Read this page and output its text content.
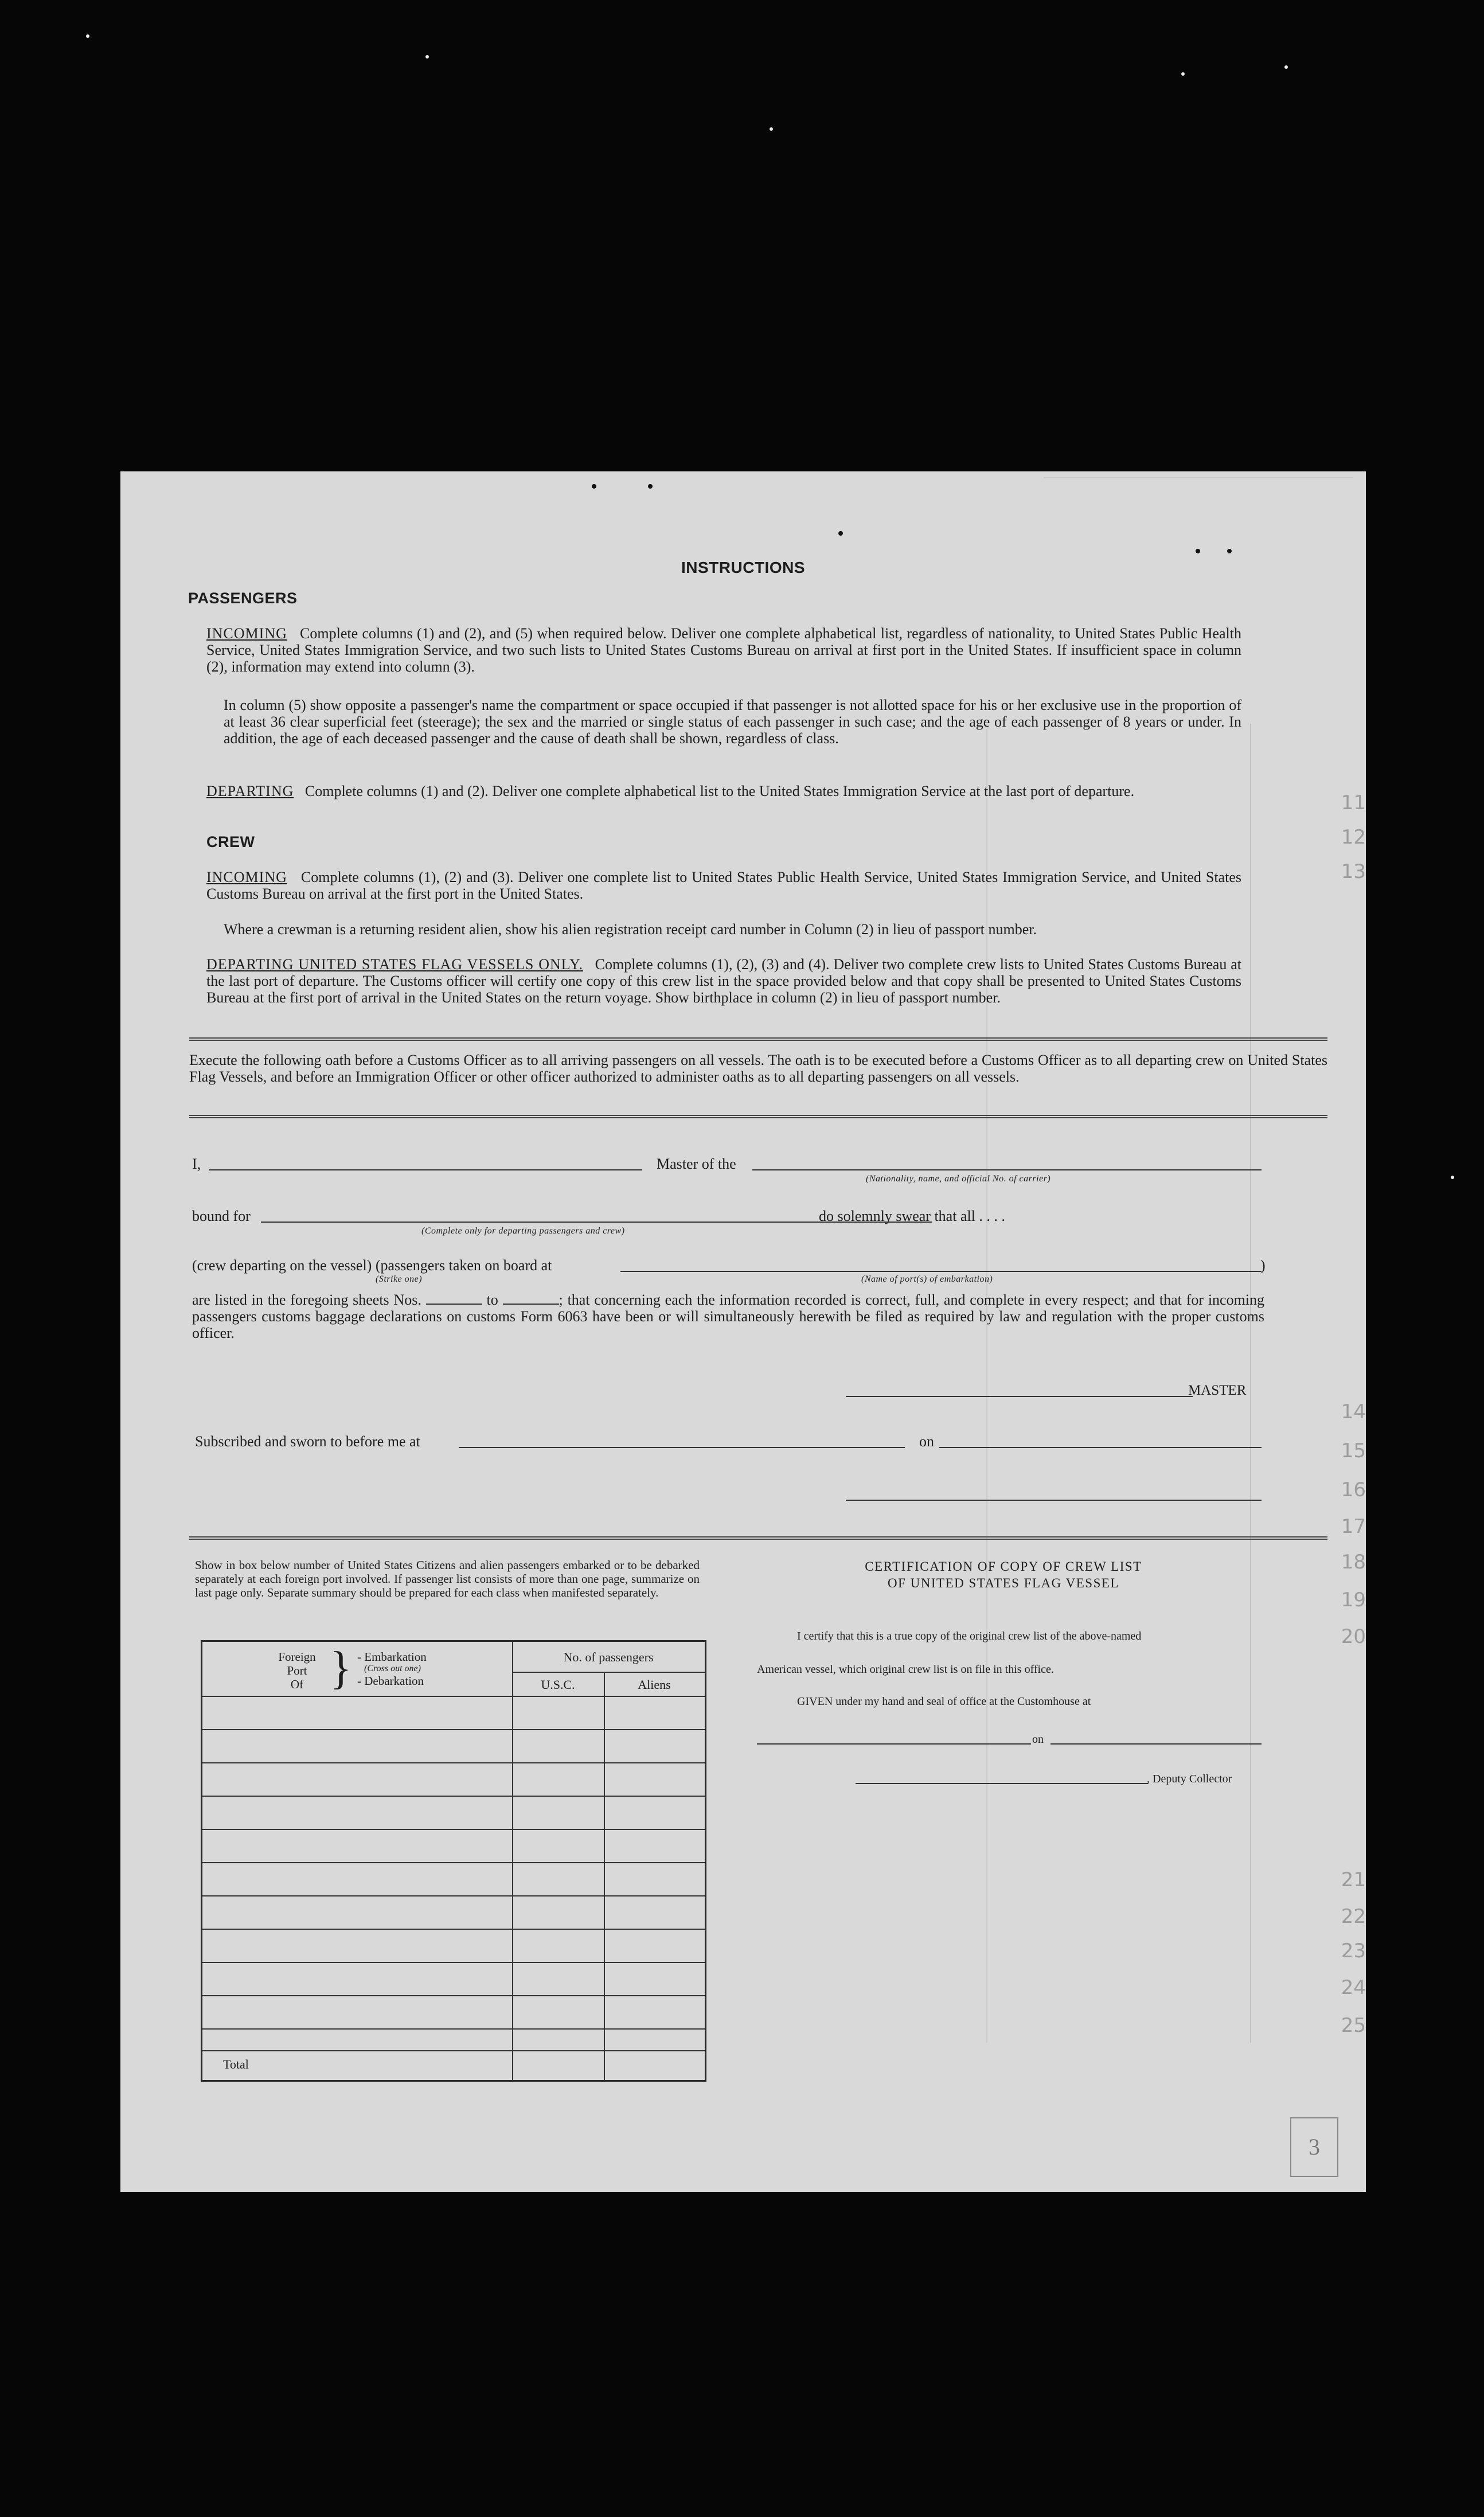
11
12
13
14
15
16
17
18
19
20
21
22
23
24
25
3
INSTRUCTIONS
PASSENGERS
INCOMING Complete columns (1) and (2), and (5) when required below. Deliver one complete alphabetical list, regardless of nationality, to United States Public Health Service, United States Immigration Service, and two such lists to United States Customs Bureau on arrival at first port in the United States. If insufficient space in column (2), information may extend into column (3).
In column (5) show opposite a passenger's name the compartment or space occupied if that passenger is not allotted space for his or her exclusive use in the proportion of at least 36 clear superficial feet (steerage); the sex and the married or single status of each passenger in such case; and the age of each passenger of 8 years or under. In addition, the age of each deceased passenger and the cause of death shall be shown, regardless of class.
DEPARTING Complete columns (1) and (2). Deliver one complete alphabetical list to the United States Immigration Service at the last port of departure.
CREW
INCOMING Complete columns (1), (2) and (3). Deliver one complete list to United States Public Health Service, United States Immigration Service, and United States Customs Bureau on arrival at the first port in the United States.
Where a crewman is a returning resident alien, show his alien registration receipt card number in Column (2) in lieu of passport number.
DEPARTING UNITED STATES FLAG VESSELS ONLY. Complete columns (1), (2), (3) and (4). Deliver two complete crew lists to United States Customs Bureau at the last port of departure. The Customs officer will certify one copy of this crew list in the space provided below and that copy shall be presented to United States Customs Bureau at the first port of arrival in the United States on the return voyage. Show birthplace in column (2) in lieu of passport number.
Execute the following oath before a Customs Officer as to all arriving passengers on all vessels. The oath is to be executed before a Customs Officer as to all departing crew on United States Flag Vessels, and before an Immigration Officer or other officer authorized to administer oaths as to all departing passengers on all vessels.
I,	Master of the
(Nationality, name, and official No. of carrier)
bound for
(Complete only for departing passengers and crew)
do solemnly swear that all . . . .
(crew departing on the vessel) (passengers taken on board at	)
(Strike one)	(Name of port(s) of embarkation)
are listed in the foregoing sheets Nos.	to	; that concerning each the information recorded is correct, full, and complete in every respect; and that for incoming passengers customs baggage declarations on customs Form 6063 have been or will simultaneously herewith be filed as required by law and regulation with the proper customs officer.
MASTER
Subscribed and sworn to before me at	on
Show in box below number of United States Citizens and alien passengers embarked or to be debarked separately at each foreign port involved. If passenger list consists of more than one page, summarize on last page only. Separate summary should be prepared for each class when manifested separately.
Foreign
Port
Of } - Embarkation
(Cross out one)
- Debarkation
No. of passengers
U.S.C.	Aliens
Total
CERTIFICATION OF COPY OF CREW LIST
OF UNITED STATES FLAG VESSEL
I certify that this is a true copy of the original crew list of the above-named
American vessel, which original crew list is on file in this office.
GIVEN under my hand and seal of office at the Customhouse at
on
, Deputy Collector
